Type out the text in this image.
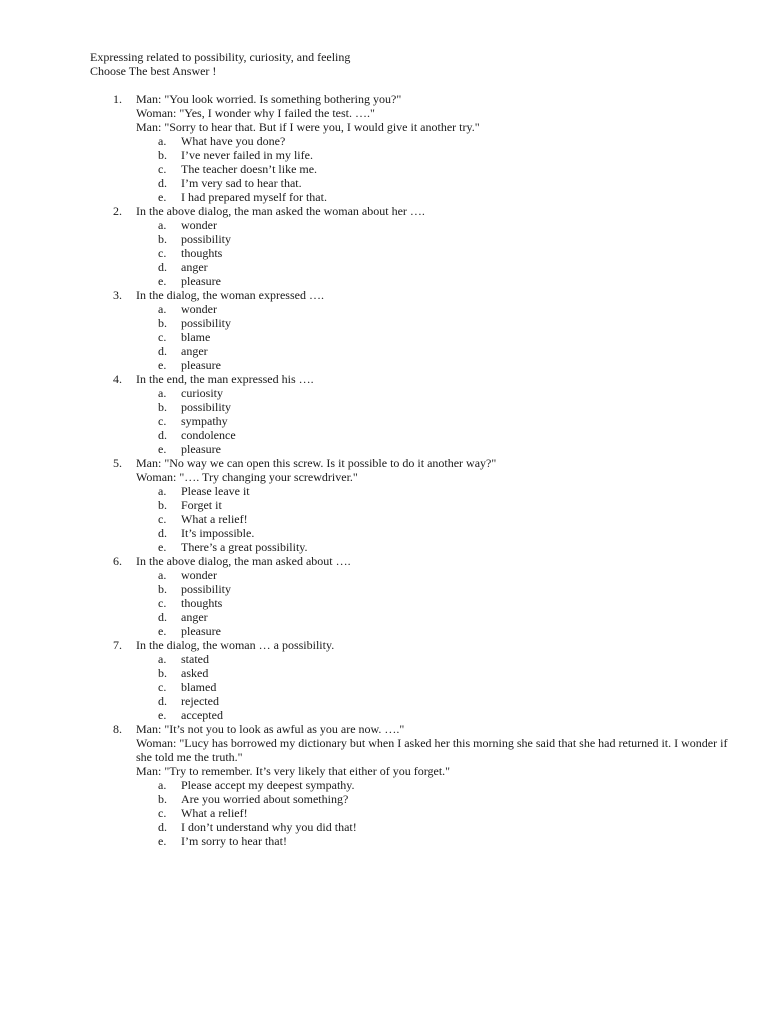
Expressing related to possibility, curiosity, and feeling

Choose The best Answer !

1. Man: "You look worried. Is something bothering you?"
Woman: "Yes, I wonder why I failed the test. …."
Man: "Sorry to hear that. But if I were you, I would give it another try."
a. What have you done?
b. I’ve never failed in my life.
c. The teacher doesn’t like me.
d. I’m very sad to hear that.
e. I had prepared myself for that.
2. In the above dialog, the man asked the woman about her ….
a. wonder
b. possibility
c. thoughts
d. anger
e. pleasure
3. In the dialog, the woman expressed ….
a. wonder
b. possibility
c. blame
d. anger
e. pleasure
4. In the end, the man expressed his ….
a. curiosity
b. possibility
c. sympathy
d. condolence
e. pleasure
5. Man: "No way we can open this screw. Is it possible to do it another way?"
Woman: "…. Try changing your screwdriver."
a. Please leave it
b. Forget it
c. What a relief!
d. It’s impossible.
e. There’s a great possibility.
6. In the above dialog, the man asked about ….
a. wonder
b. possibility
c. thoughts
d. anger
e. pleasure
7. In the dialog, the woman … a possibility.
a. stated
b. asked
c. blamed
d. rejected
e. accepted
8. Man: "It’s not you to look as awful as you are now. …."
Woman: "Lucy has borrowed my dictionary but when I asked her this morning she said that she had returned it. I wonder if she told me the truth."
Man: "Try to remember. It’s very likely that either of you forget."
a. Please accept my deepest sympathy.
b. Are you worried about something?
c. What a relief!
d. I don’t understand why you did that!
e. I’m sorry to hear that!
